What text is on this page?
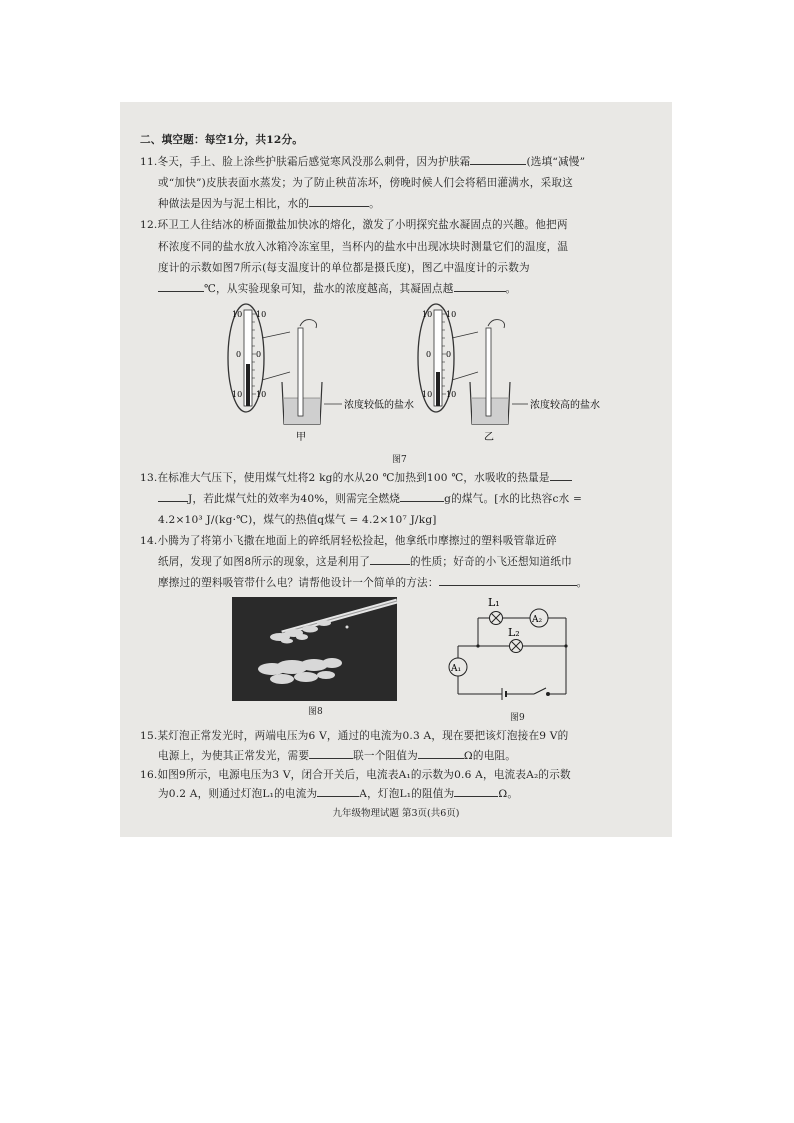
二、填空题：每空1分，共12分。
11.冬天，手上、脸上涂些护肤霜后感觉寒风没那么刺骨，因为护肤霜	(选填“减慢”
或“加快”)皮肤表面水蒸发；为了防止秧苗冻坏，傍晚时候人们会将稻田灌满水，采取这
种做法是因为与泥土相比，水的	。
12.环卫工人往结冰的桥面撒盐加快冰的熔化，激发了小明探究盐水凝固点的兴趣。他把两
杯浓度不同的盐水放入冰箱冷冻室里，当杯内的盐水中出现冰块时测量它们的温度，温
度计的示数如图7所示(每支温度计的单位都是摄氏度)，图乙中温度计的示数为
℃，从实验现象可知，盐水的浓度越高，其凝固点越	。
10 10
0 0
10 10
浓度较低的盐水
甲
10 10
0 0
10 10
浓度较高的盐水
乙
图7
13.在标准大气压下，使用煤气灶将2 kg的水从20 ℃加热到100 ℃，水吸收的热量是
J，若此煤气灶的效率为40%，则需完全燃烧	g的煤气。[水的比热容c水 =
4.2×10³ J/(kg·℃)，煤气的热值q煤气 = 4.2×10⁷ J/kg]
14.小腾为了将第小飞撒在地面上的碎纸屑轻松捡起，他拿纸巾摩擦过的塑料吸管靠近碎
纸屑，发现了如图8所示的现象，这是利用了	的性质；好奇的小飞还想知道纸巾
摩擦过的塑料吸管带什么电？请帮他设计一个简单的方法：	。
图8
L₁
L₂
A₂
A₁
图9
15.某灯泡正常发光时，两端电压为6 V，通过的电流为0.3 A，现在要把该灯泡接在9 V的
电源上，为使其正常发光，需要	联一个阻值为	Ω的电阻。
16.如图9所示，电源电压为3 V，闭合开关后，电流表A₁的示数为0.6 A，电流表A₂的示数
为0.2 A，则通过灯泡L₁的电流为	A，灯泡L₁的阻值为	Ω。
九年级物理试题 第3页(共6页)
